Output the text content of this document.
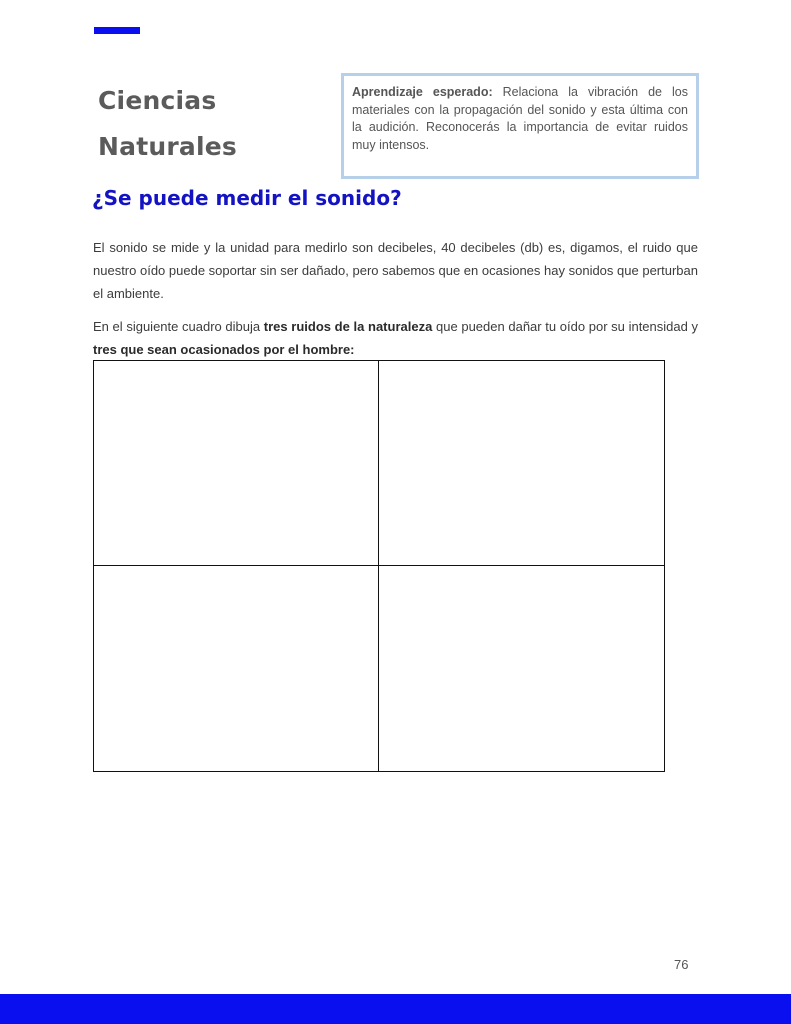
Ciencias
Naturales
Aprendizaje esperado: Relaciona la vibración de los materiales con la propagación del sonido y esta última con la audición. Reconocerás la importancia de evitar ruidos muy intensos.
¿Se puede medir el sonido?

El sonido se mide y la unidad para medirlo son decibeles, 40 decibeles (db) es, digamos, el ruido que nuestro oído puede soportar sin ser dañado, pero sabemos que en ocasiones hay sonidos que perturban el ambiente.

En el siguiente cuadro dibuja tres ruidos de la naturaleza que pueden dañar tu oído por su intensidad y tres que sean ocasionados por el hombre:

76
